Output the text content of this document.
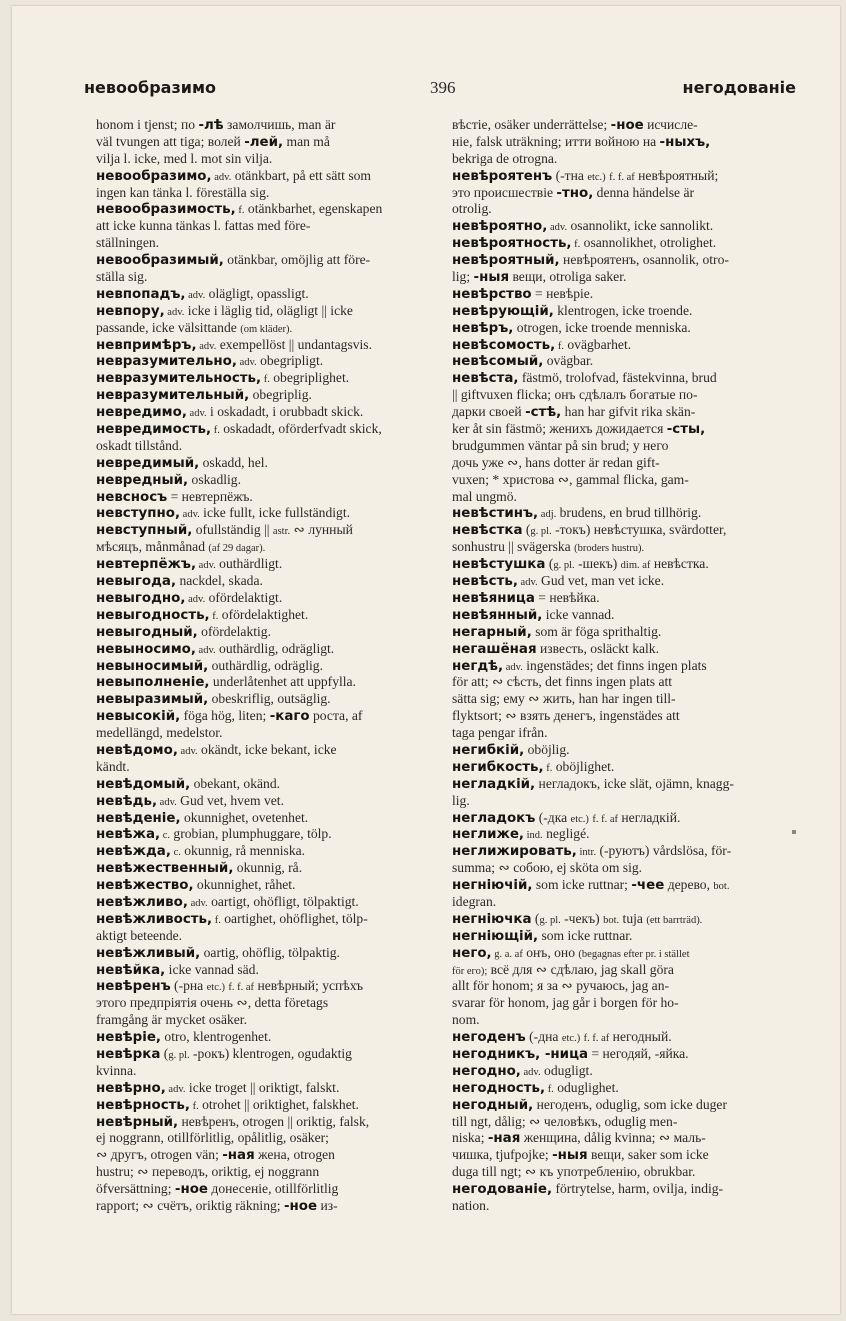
невообразимо	396	негодованіе
honom i tjenst; по -лѣ замолчишь, man är
väl tvungen att tiga; волей -лей, man må
vilja l. icke, med l. mot sin vilja.
невообразимо, adv. otänkbart, på ett sätt som
ingen kan tänka l. föreställa sig.
невообразимость, f. otänkbarhet, egenskapen
att icke kunna tänkas l. fattas med före-
ställningen.
невообразимый, otänkbar, omöjlig att före-
ställa sig.
невпопадъ, adv. olägligt, opassligt.
невпору, adv. icke i läglig tid, olägligt || icke
passande, icke välsittande (om kläder).
невпримѣръ, adv. exempellöst || undantagsvis.
невразумительно, adv. obegripligt.
невразумительность, f. obegriplighet.
невразумительный, obegriplig.
невредимо, adv. i oskadadt, i orubbadt skick.
невредимость, f. oskadadt, oförderfvadt skick,
oskadt tillstånd.
невредимый, oskadd, hel.
невредный, oskadlig.
невсносъ = невтерпёжъ.
невступно, adv. icke fullt, icke fullständigt.
невступный, ofullständig || astr. ∾ лунный
мѣсяцъ, månmånad (af 29 dagar).
невтерпёжъ, adv. outhärdligt.
невыгода, nackdel, skada.
невыгодно, adv. ofördelaktigt.
невыгодность, f. ofördelaktighet.
невыгодный, ofördelaktig.
невыносимо, adv. outhärdlig, odrägligt.
невыносимый, outhärdlig, odräglig.
невыполненіе, underlåtenhet att uppfylla.
невыразимый, obeskriflig, outsäglig.
невысокій, föga hög, liten; -каго роста, af
medellängd, medelstor.
невѣдомо, adv. okändt, icke bekant, icke
kändt.
невѣдомый, obekant, okänd.
невѣдь, adv. Gud vet, hvem vet.
невѣденіе, okunnighet, ovetenhet.
невѣжа, c. grobian, plumphuggare, tölp.
невѣжда, c. okunnig, rå menniska.
невѣжественный, okunnig, rå.
невѣжество, okunnighet, råhet.
невѣжливо, adv. oartigt, ohöfligt, tölpaktigt.
невѣжливость, f. oartighet, ohöflighet, tölp-
aktigt beteende.
невѣжливый, oartig, ohöflig, tölpaktig.
невѣйка, icke vannad säd.
невѣренъ (-рна etc.) f. f. af невѣрный; успѣхъ
этого предпріятія очень ∾, detta företags
framgång är mycket osäker.
невѣріе, otro, klentrogenhet.
невѣрка (g. pl. -рокъ) klentrogen, ogudaktig
kvinna.
невѣрно, adv. icke troget || oriktigt, falskt.
невѣрность, f. otrohet || oriktighet, falskhet.
невѣрный, невѣренъ, otrogen || oriktig, falsk,
ej noggrann, otillförlitlig, opålitlig, osäker;
∾ другъ, otrogen vän; -ная жена, otrogen
hustru; ∾ переводъ, oriktig, ej noggrann
öfversättning; -ное донесеніе, otillförlitlig
rapport; ∾ счётъ, oriktig räkning; -ное из-
вѣстіе, osäker underrättelse; -ное исчисле-
ніе, falsk uträkning; итти войною на -ныхъ,
bekriga de otrogna.
невѣроятенъ (-тна etc.) f. f. af невѣроятный;
это происшествіе -тно, denna händelse är
otrolig.
невѣроятно, adv. osannolikt, icke sannolikt.
невѣроятность, f. osannolikhet, otrolighet.
невѣроятный, невѣроятенъ, osannolik, otro-
lig; -ныя вещи, otroliga saker.
невѣрство = невѣріе.
невѣрующій, klentrogen, icke troende.
невѣръ, otrogen, icke troende menniska.
невѣсомость, f. ovägbarhet.
невѣсомый, ovägbar.
невѣста, fästmö, trolofvad, fästekvinna, brud
|| giftvuxen flicka; онъ сдѣлалъ богатые по-
дарки своей -стѣ, han har gifvit rika skän-
ker åt sin fästmö; женихъ дожидается -сты,
brudgummen väntar på sin brud; у него
дочь уже ∾, hans dotter är redan gift-
vuxen; * христова ∾, gammal flicka, gam-
mal ungmö.
невѣстинъ, adj. brudens, en brud tillhörig.
невѣстка (g. pl. -токъ) невѣстушка, svärdotter,
sonhustru || svägerska (broders hustru).
невѣстушка (g. pl. -шекъ) dim. af невѣстка.
невѣсть, adv. Gud vet, man vet icke.
невѣяница = невѣйка.
невѣянный, icke vannad.
негарный, som är föga sprithaltig.
негашёная известь, osläckt kalk.
негдѣ, adv. ingenstädes; det finns ingen plats
för att; ∾ сѣсть, det finns ingen plats att
sätta sig; ему ∾ жить, han har ingen till-
flyktsort; ∾ взять денегъ, ingenstädes att
taga pengar ifrån.
негибкій, oböjlig.
негибкость, f. oböjlighet.
негладкій, негладокъ, icke slät, ojämn, knagg-
lig.
негладокъ (-дка etc.) f. f. af негладкій.
неглиже, ind. negligé.
неглижировать, intr. (-руютъ) vårdslösa, för-
summa; ∾ собою, ej sköta om sig.
негніючій, som icke ruttnar; -чее дерево, bot.
idegran.
негніючка (g. pl. -чекъ) bot. tuja (ett barrträd).
негніющій, som icke ruttnar.
него, g. a. af онъ, оно (begagnas efter pr. i stället
för его); всё для ∾ сдѣлаю, jag skall göra
allt för honom; я за ∾ ручаюсь, jag an-
svarar för honom, jag går i borgen för ho-
nom.
негоденъ (-дна etc.) f. f. af негодный.
негодникъ, -ница = негодяй, -яйка.
негодно, adv. odugligt.
негодность, f. oduglighet.
негодный, негоденъ, oduglig, som icke duger
till ngt, dålig; ∾ человѣкъ, oduglig men-
niska; -ная женщина, dålig kvinna; ∾ маль-
чишка, tjufpojke; -ныя вещи, saker som icke
duga till ngt; ∾ къ употребленію, obrukbar.
негодованіе, förtrytelse, harm, ovilja, indig-
nation.
